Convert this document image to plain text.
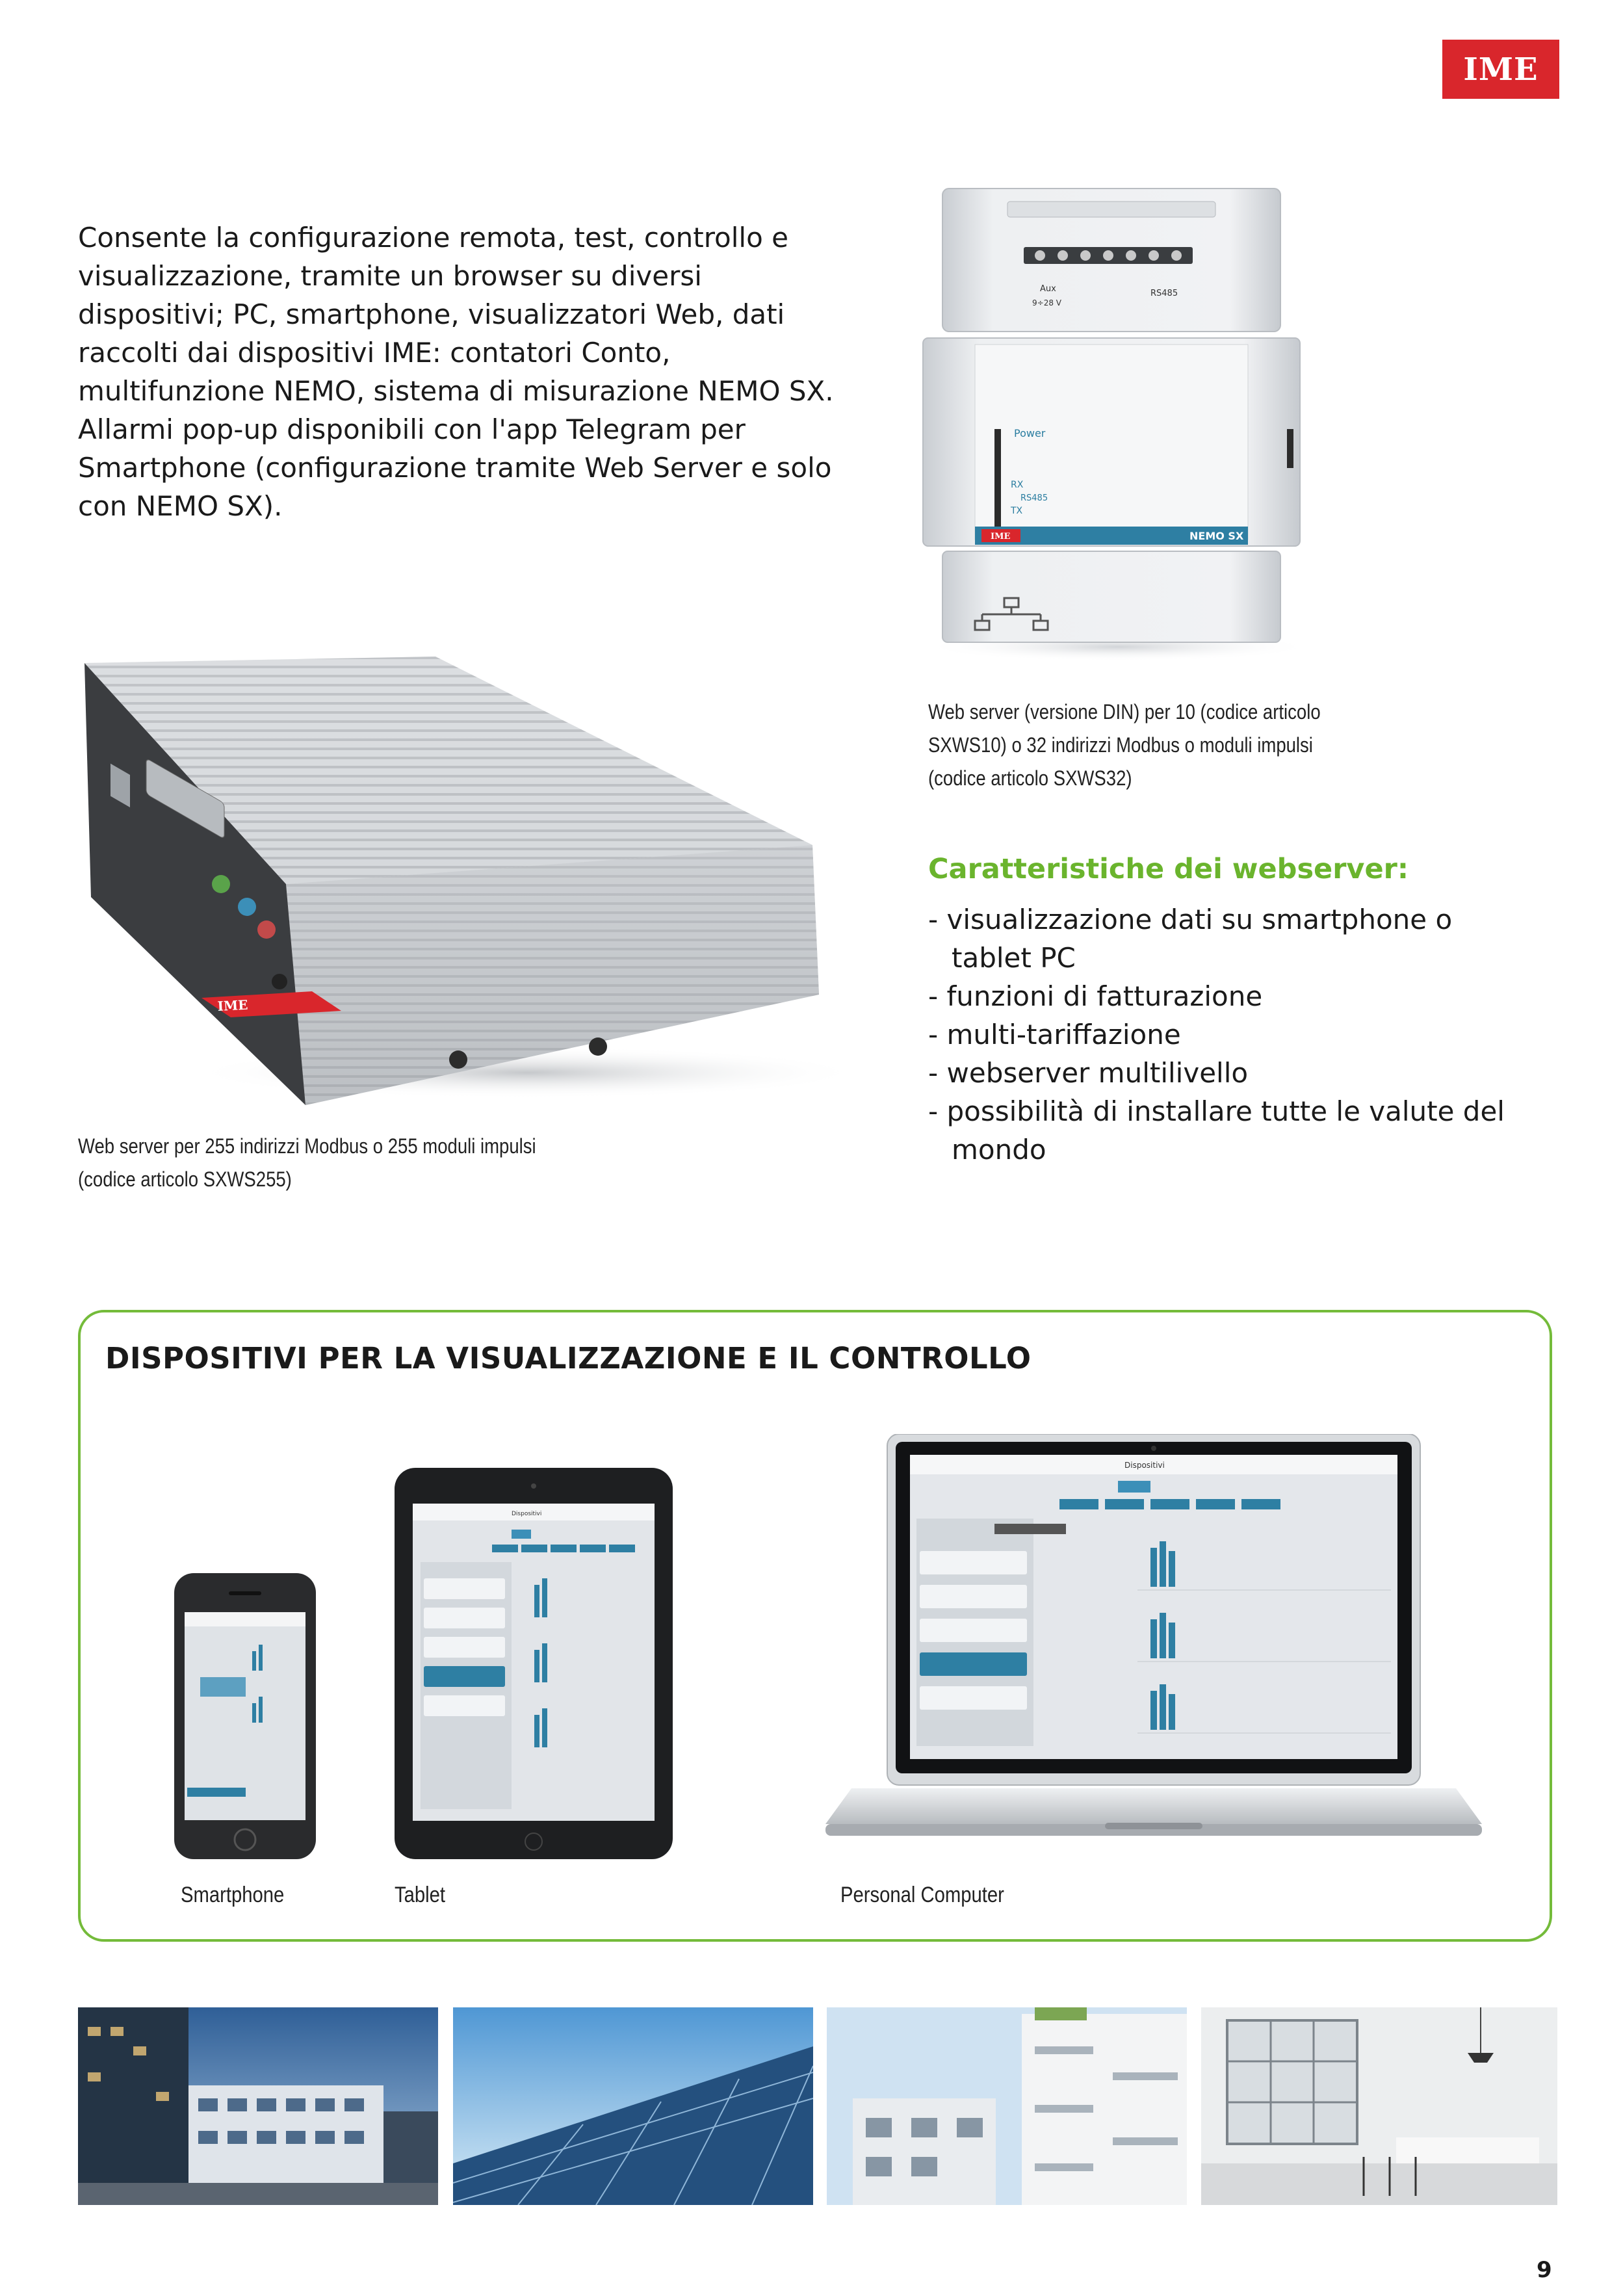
IME

Consente la configurazione remota, test, controllo e visualizzazione, tramite un browser su diversi dispositivi; PC, smartphone, visualizzatori Web, dati raccolti dai dispositivi IME: contatori Conto, multifunzione NEMO, sistema di misurazione NEMO SX.

Allarmi pop-up disponibili con l'app Telegram per Smartphone (configurazione tramite Web Server e solo con NEMO SX).

Aux
9÷28 V
RS485
Power
RX
RS485
TX
IME	NEMO SX
Web server (versione DIN) per 10 (codice articolo SXWS10) o 32 indirizzi Modbus o moduli impulsi (codice articolo SXWS32)
IME
Web server per 255 indirizzi Modbus o 255 moduli impulsi (codice articolo SXWS255)
Caratteristiche dei webserver:
- visualizzazione dati su smartphone o tablet PC
- funzioni di fatturazione
- multi-tariffazione
- webserver multilivello
- possibilità di installare tutte le valute del mondo
DISPOSITIVI PER LA VISUALIZZAZIONE E IL CONTROLLO
Dispositivi
Dispositivi
Smartphone	Tablet	Personal Computer
9
